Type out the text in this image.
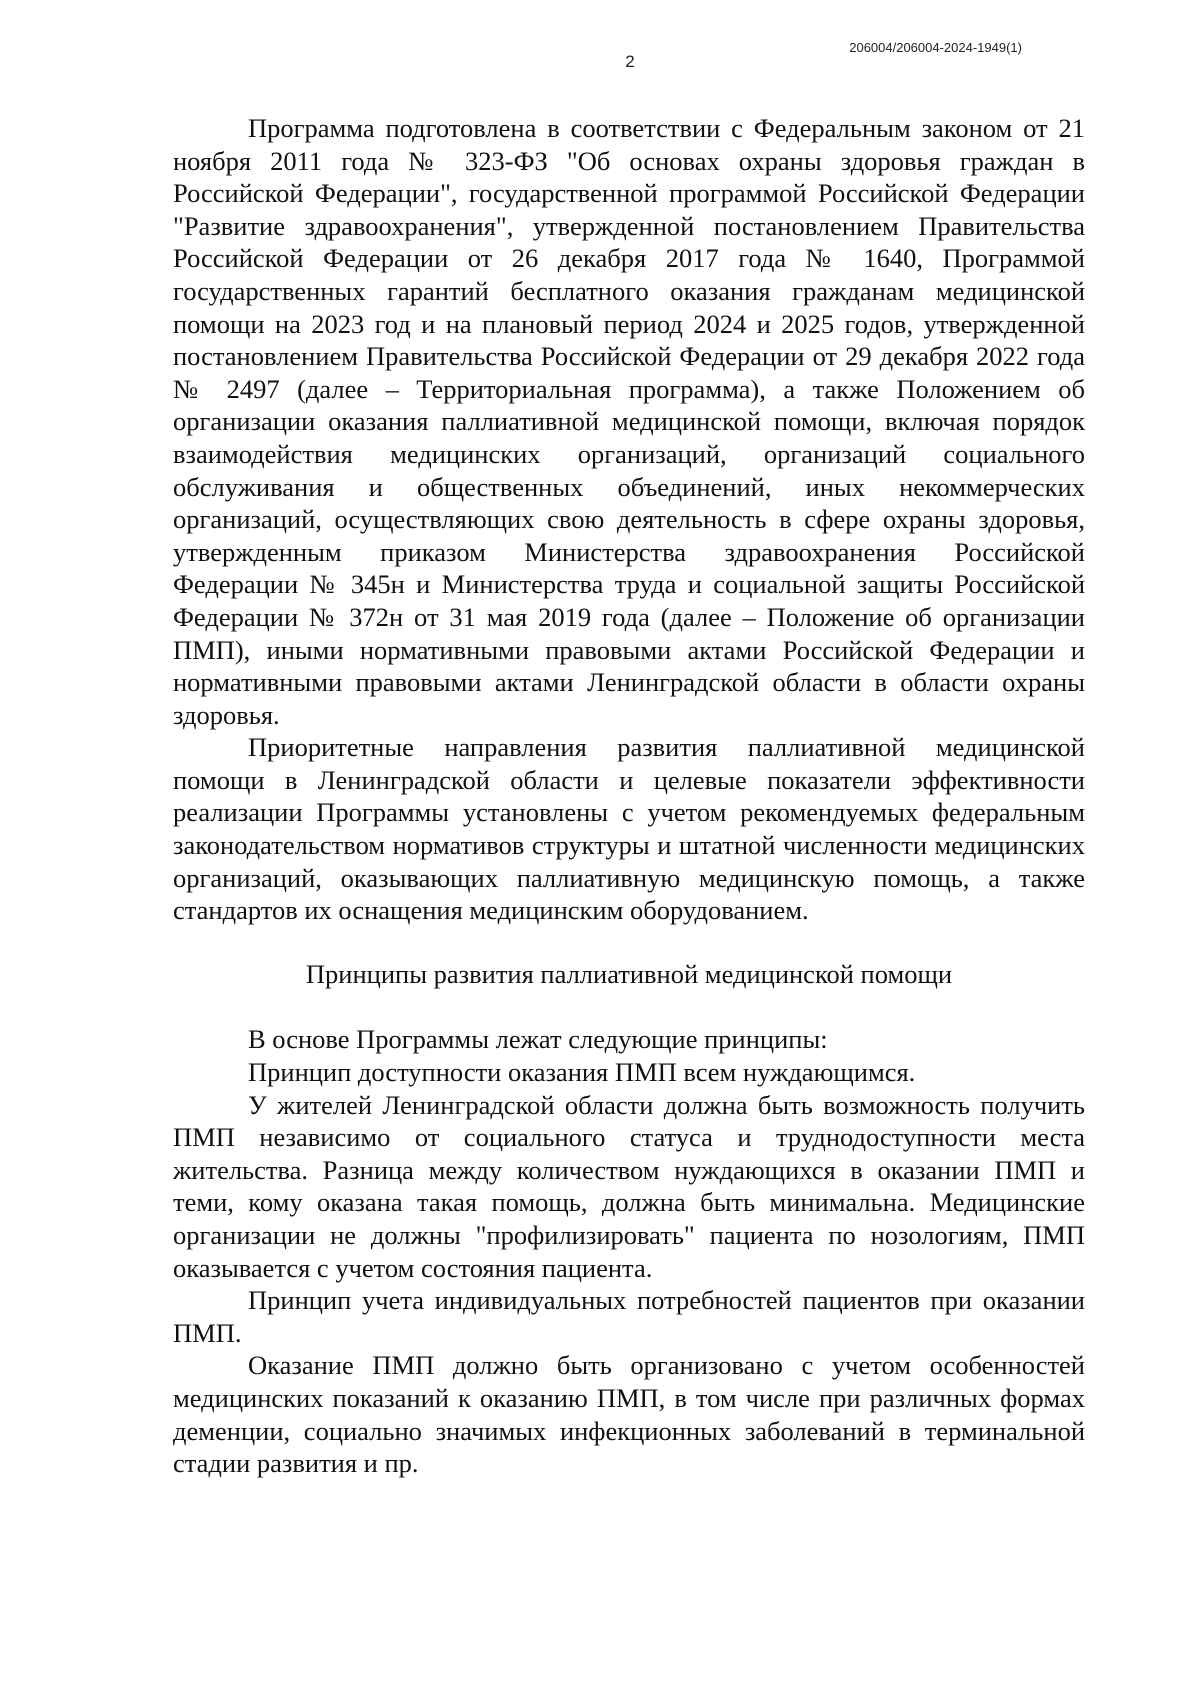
206004/206004-2024-1949(1)
2

Программа подготовлена в соответствии с Федеральным законом от 21 ноября 2011 года № 323-ФЗ "Об основах охраны здоровья граждан в Российской Федерации", государственной программой Российской Федерации "Развитие здравоохранения", утвержденной постановлением Правительства Российской Федерации от 26 декабря 2017 года № 1640, Программой государственных гарантий бесплатного оказания гражданам медицинской помощи на 2023 год и на плановый период 2024 и 2025 годов, утвержденной постановлением Правительства Российской Федерации от 29 декабря 2022 года № 2497 (далее – Территориальная программа), а также Положением об организации оказания паллиативной медицинской помощи, включая порядок взаимодействия медицинских организаций, организаций социального обслуживания и общественных объединений, иных некоммерческих организаций, осуществляющих свою деятельность в сфере охраны здоровья, утвержденным приказом Министерства здравоохранения Российской Федерации № 345н и Министерства труда и социальной защиты Российской Федерации № 372н от 31 мая 2019 года (далее – Положение об организации ПМП), иными нормативными правовыми актами Российской Федерации и нормативными правовыми актами Ленинградской области в области охраны здоровья.

Приоритетные направления развития паллиативной медицинской помощи в Ленинградской области и целевые показатели эффективности реализации Программы установлены с учетом рекомендуемых федеральным законодательством нормативов структуры и штатной численности медицинских организаций, оказывающих паллиативную медицинскую помощь, а также стандартов их оснащения медицинским оборудованием.

Принципы развития паллиативной медицинской помощи

В основе Программы лежат следующие принципы:

Принцип доступности оказания ПМП всем нуждающимся.

У жителей Ленинградской области должна быть возможность получить ПМП независимо от социального статуса и труднодоступности места жительства. Разница между количеством нуждающихся в оказании ПМП и теми, кому оказана такая помощь, должна быть минимальна. Медицинские организации не должны "профилизировать" пациента по нозологиям, ПМП оказывается с учетом состояния пациента.

Принцип учета индивидуальных потребностей пациентов при оказании ПМП.

Оказание ПМП должно быть организовано с учетом особенностей медицинских показаний к оказанию ПМП, в том числе при различных формах деменции, социально значимых инфекционных заболеваний в терминальной стадии развития и пр.
